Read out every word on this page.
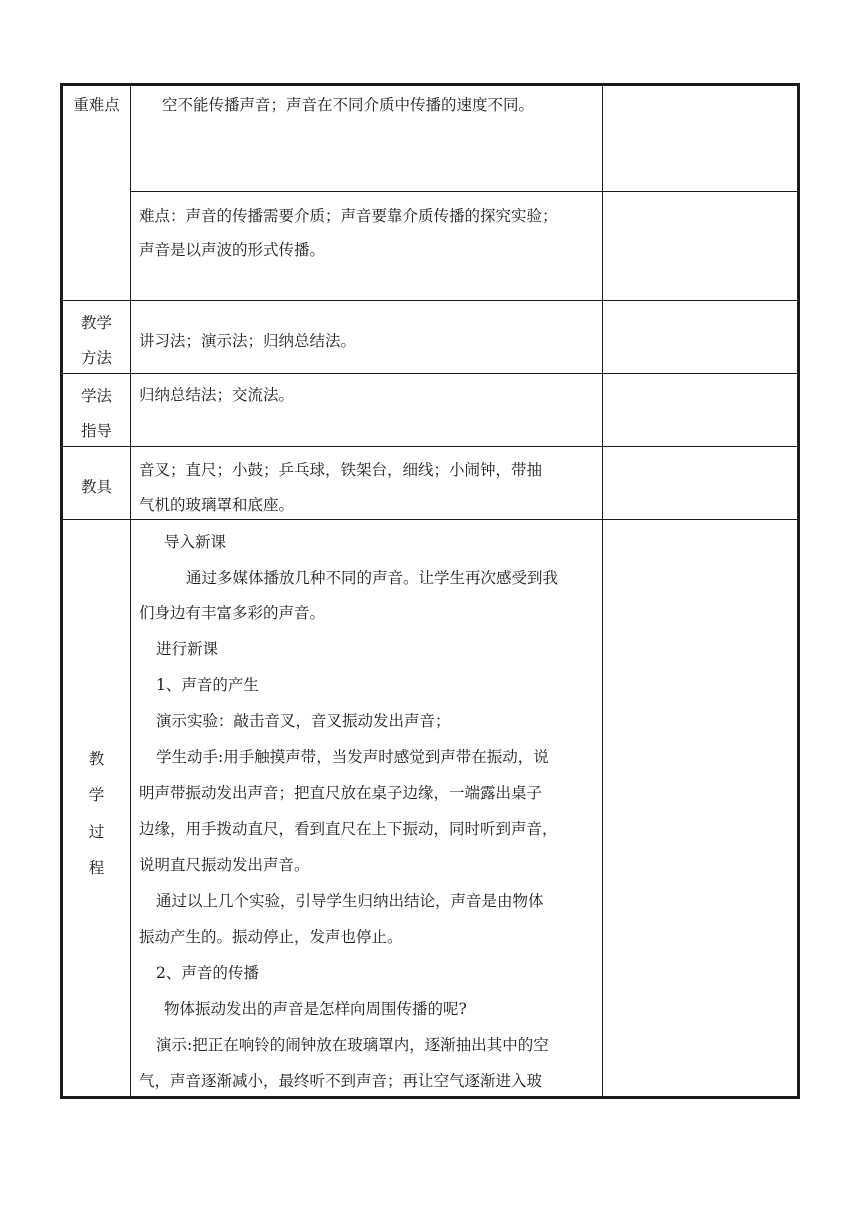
重难点	空不能传播声音；声音在不同介质中传播的速度不同。
难点：声音的传播需要介质；声音要靠介质传播的探究实验；
声音是以声波的形式传播。
教学
方法
讲习法；演示法；归纳总结法。
学法
指导
归纳总结法；交流法。
教具
音叉；直尺；小鼓；乒乓球，铁架台，细线；小闹钟，带抽
气机的玻璃罩和底座。
教
学
过
程
导入新课
通过多媒体播放几种不同的声音。让学生再次感受到我
们身边有丰富多彩的声音。
进行新课
1、声音的产生
演示实验：敲击音叉，音叉振动发出声音；
学生动手:用手触摸声带，当发声时感觉到声带在振动，说
明声带振动发出声音；把直尺放在桌子边缘，一端露出桌子
边缘，用手拨动直尺，看到直尺在上下振动，同时听到声音，
说明直尺振动发出声音。
通过以上几个实验，引导学生归纳出结论，声音是由物体
振动产生的。振动停止，发声也停止。
2、声音的传播
物体振动发出的声音是怎样向周围传播的呢?
演示:把正在响铃的闹钟放在玻璃罩内，逐渐抽出其中的空
气，声音逐渐减小，最终听不到声音；再让空气逐渐进入玻
